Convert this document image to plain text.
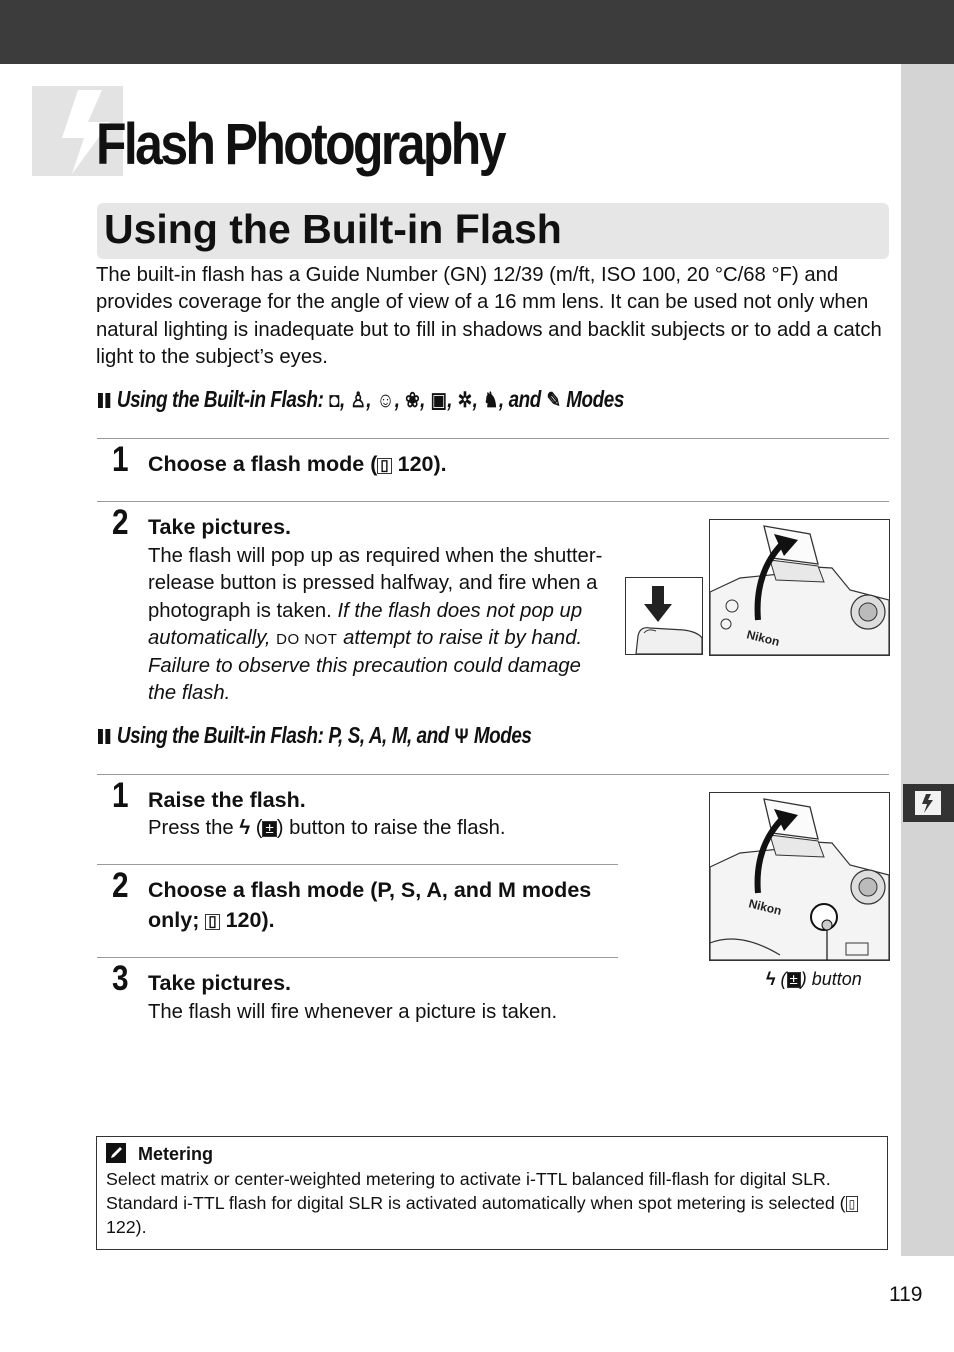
Flash Photography
Using the Built-in Flash
The built-in flash has a Guide Number (GN) 12/39 (m/ft, ISO 100, 20 °C/68 °F) and provides coverage for the angle of view of a 16 mm lens. It can be used not only when natural lighting is inadequate but to fill in shadows and backlit subjects or to add a catch light to the subject’s eyes.
Using the Built-in Flash: ◘, ♙, ☺, ❀, ▣, ✲, ♞, and ✎ Modes
1 Choose a flash mode ( ▯ 120).
2 Take pictures.
The flash will pop up as required when the shutter-release button is pressed halfway, and fire when a photograph is taken. If the flash does not pop up automatically, DO NOT attempt to raise it by hand. Failure to observe this precaution could damage the flash.
Nikon
Using the Built-in Flash: P, S, A, M, and Ψ Modes
1 Raise the flash.
Press the ϟ ( ± ) button to raise the flash.
2 Choose a flash mode (P, S, A, and M modes
only; ▯ 120).
3 Take pictures.
The flash will fire whenever a picture is taken.
Nikon
ϟ ( ± ) button
Metering
Select matrix or center-weighted metering to activate i-TTL balanced fill-flash for digital SLR. Standard i-TTL flash for digital SLR is activated automatically when spot metering is selected ( ▯ 122).
119
